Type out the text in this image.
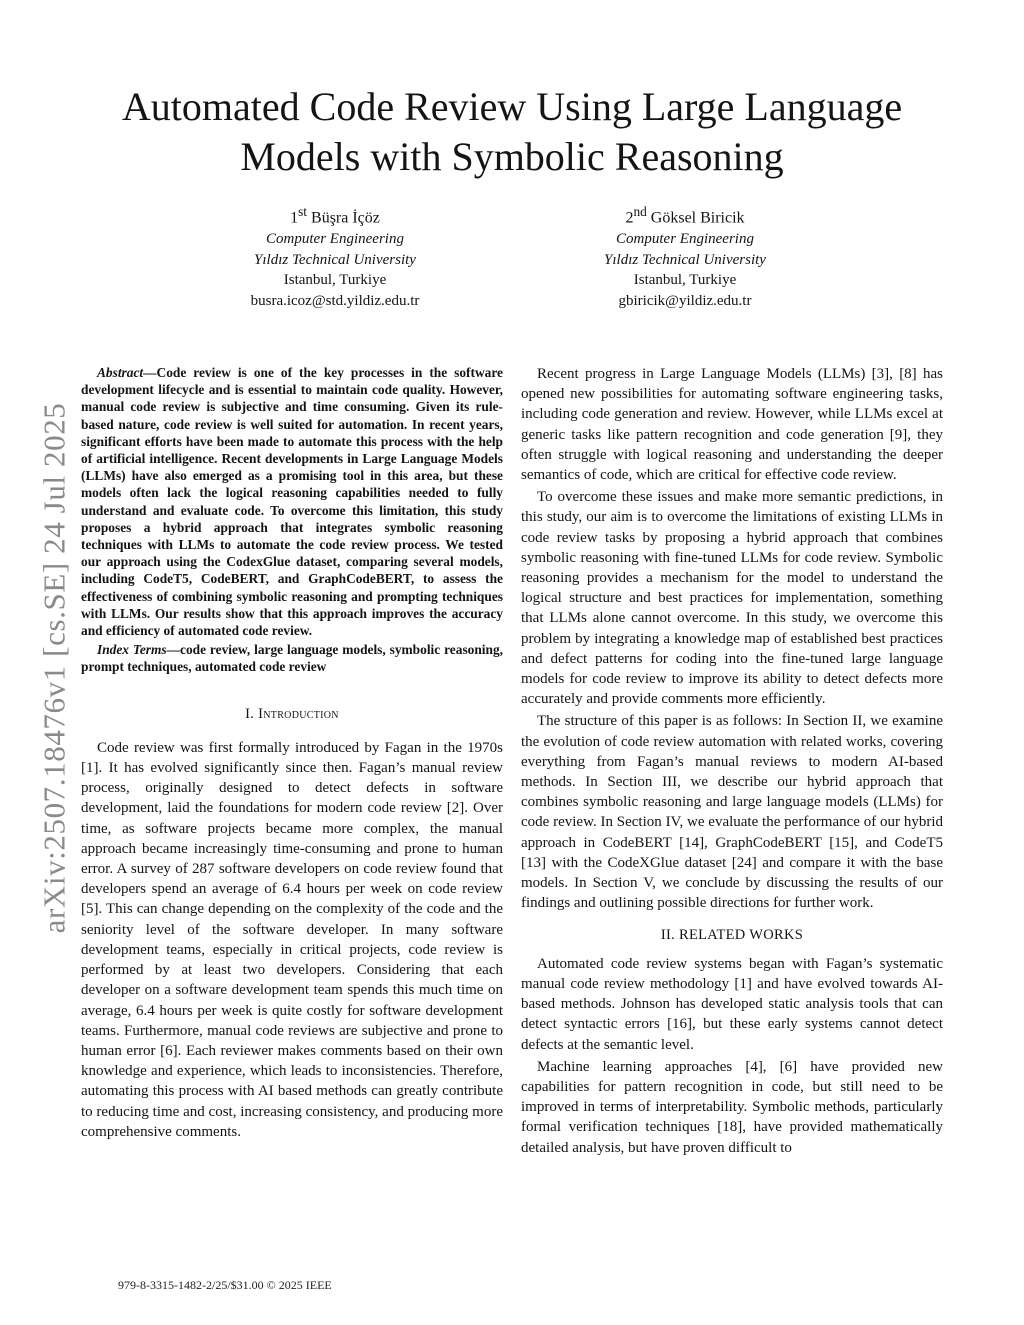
arXiv:2507.18476v1 [cs.SE] 24 Jul 2025
Automated Code Review Using Large Language Models with Symbolic Reasoning
1st Büşra İçöz
Computer Engineering
Yıldız Technical University
Istanbul, Turkiye
busra.icoz@std.yildiz.edu.tr
2nd Göksel Biricik
Computer Engineering
Yıldız Technical University
Istanbul, Turkiye
gbiricik@yildiz.edu.tr

Abstract—Code review is one of the key processes in the software development lifecycle and is essential to maintain code quality. However, manual code review is subjective and time consuming. Given its rule-based nature, code review is well suited for automation. In recent years, significant efforts have been made to automate this process with the help of artificial intelligence. Recent developments in Large Language Models (LLMs) have also emerged as a promising tool in this area, but these models often lack the logical reasoning capabilities needed to fully understand and evaluate code. To overcome this limitation, this study proposes a hybrid approach that integrates symbolic reasoning techniques with LLMs to automate the code review process. We tested our approach using the CodexGlue dataset, comparing several models, including CodeT5, CodeBERT, and GraphCodeBERT, to assess the effectiveness of combining symbolic reasoning and prompting techniques with LLMs. Our results show that this approach improves the accuracy and efficiency of automated code review.

Index Terms—code review, large language models, symbolic reasoning, prompt techniques, automated code review

I. Introduction

Code review was first formally introduced by Fagan in the 1970s [1]. It has evolved significantly since then. Fagan’s manual review process, originally designed to detect defects in software development, laid the foundations for modern code review [2]. Over time, as software projects became more complex, the manual approach became increasingly time-consuming and prone to human error. A survey of 287 software developers on code review found that developers spend an average of 6.4 hours per week on code review [5]. This can change depending on the complexity of the code and the seniority level of the software developer. In many software development teams, especially in critical projects, code review is performed by at least two developers. Considering that each developer on a software development team spends this much time on average, 6.4 hours per week is quite costly for software development teams. Furthermore, manual code reviews are subjective and prone to human error [6]. Each reviewer makes comments based on their own knowledge and experience, which leads to inconsistencies. Therefore, automating this process with AI based methods can greatly contribute to reducing time and cost, increasing consistency, and producing more comprehensive comments.

Recent progress in Large Language Models (LLMs) [3], [8] has opened new possibilities for automating software engineering tasks, including code generation and review. However, while LLMs excel at generic tasks like pattern recognition and code generation [9], they often struggle with logical reasoning and understanding the deeper semantics of code, which are critical for effective code review.

To overcome these issues and make more semantic predictions, in this study, our aim is to overcome the limitations of existing LLMs in code review tasks by proposing a hybrid approach that combines symbolic reasoning with fine-tuned LLMs for code review. Symbolic reasoning provides a mechanism for the model to understand the logical structure and best practices for implementation, something that LLMs alone cannot overcome. In this study, we overcome this problem by integrating a knowledge map of established best practices and defect patterns for coding into the fine-tuned large language models for code review to improve its ability to detect defects more accurately and provide comments more efficiently.

The structure of this paper is as follows: In Section II, we examine the evolution of code review automation with related works, covering everything from Fagan’s manual reviews to modern AI-based methods. In Section III, we describe our hybrid approach that combines symbolic reasoning and large language models (LLMs) for code review. In Section IV, we evaluate the performance of our hybrid approach in CodeBERT [14], GraphCodeBERT [15], and CodeT5 [13] with the CodeXGlue dataset [24] and compare it with the base models. In Section V, we conclude by discussing the results of our findings and outlining possible directions for further work.

II. RELATED WORKS

Automated code review systems began with Fagan’s systematic manual code review methodology [1] and have evolved towards AI-based methods. Johnson has developed static analysis tools that can detect syntactic errors [16], but these early systems cannot detect defects at the semantic level.

Machine learning approaches [4], [6] have provided new capabilities for pattern recognition in code, but still need to be improved in terms of interpretability. Symbolic methods, particularly formal verification techniques [18], have provided mathematically detailed analysis, but have proven difficult to

979-8-3315-1482-2/25/$31.00 © 2025 IEEE
